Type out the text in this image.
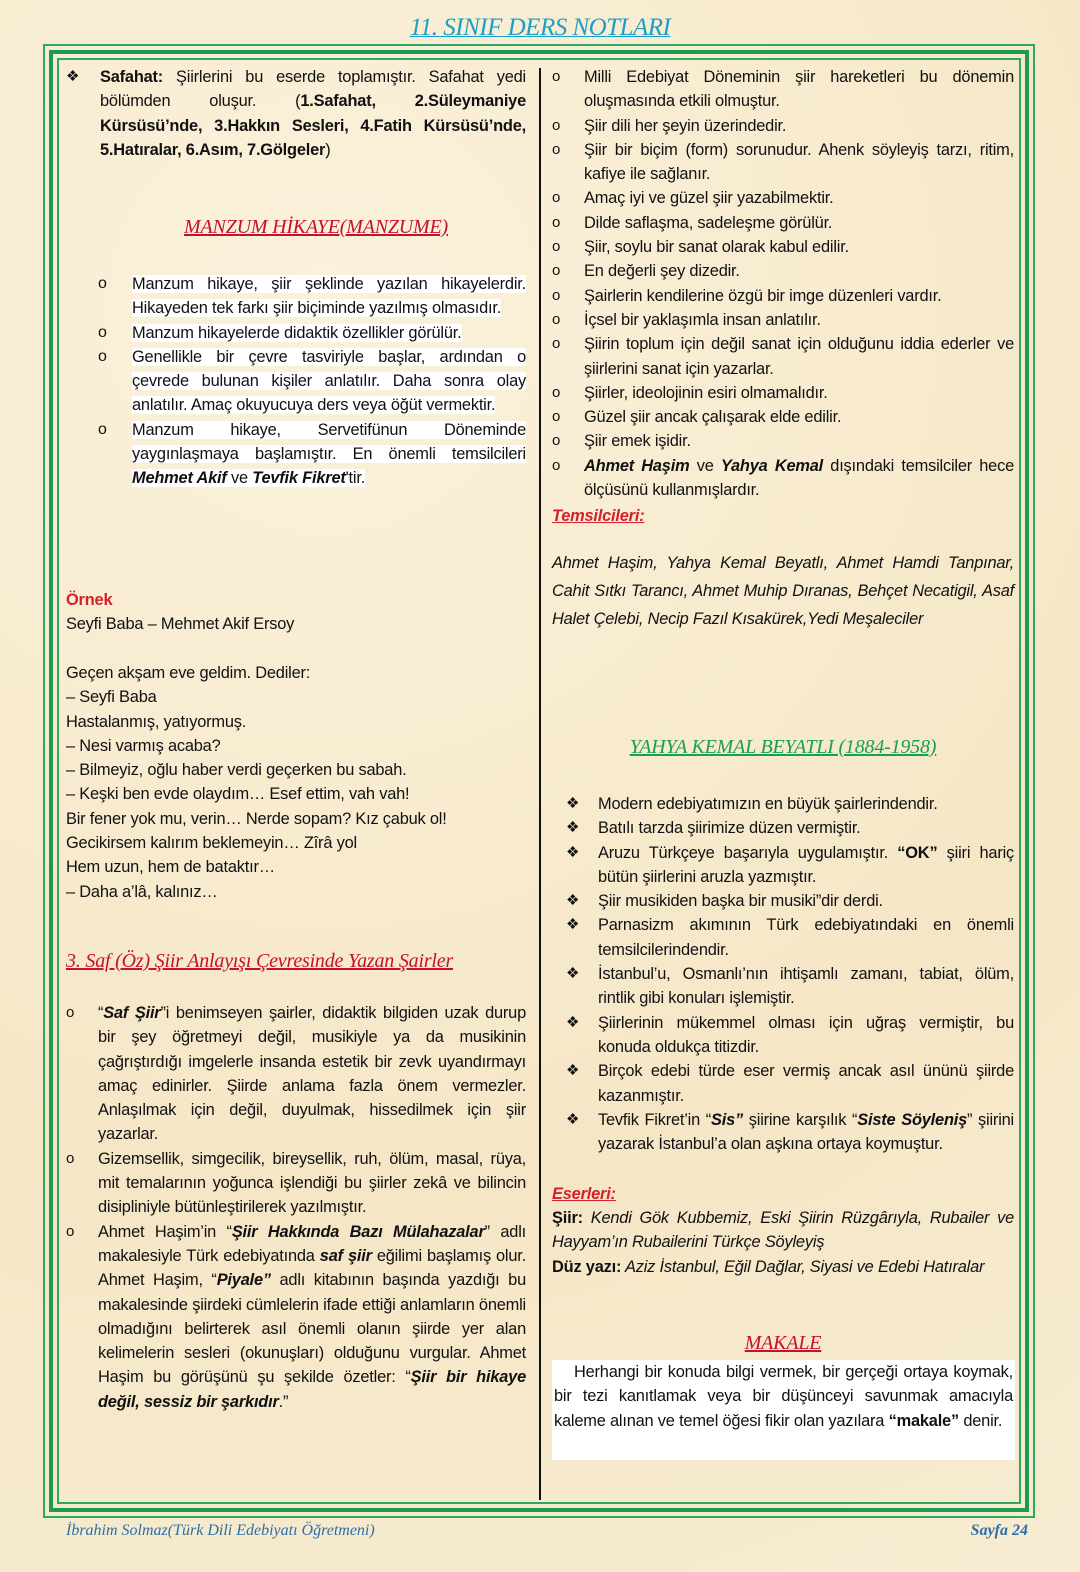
11. SINIF DERS NOTLARI
❖ Safahat: Şiirlerini bu eserde toplamıştır. Safahat yedi bölümden oluşur. (1.Safahat, 2.Süleymaniye Kürsüsü’nde, 3.Hakkın Sesleri, 4.Fatih Kürsüsü’nde, 5.Hatıralar, 6.Asım, 7.Gölgeler)
MANZUM HİKAYE(MANZUME)
o Manzum hikaye, şiir şeklinde yazılan hikayelerdir. Hikayeden tek farkı şiir biçiminde yazılmış olmasıdır.
o Manzum hikayelerde didaktik özellikler görülür.
o Genellikle bir çevre tasviriyle başlar, ardından o çevrede bulunan kişiler anlatılır. Daha sonra olay anlatılır. Amaç okuyucuya ders veya öğüt vermektir.
o Manzum hikaye, Servetifünun Döneminde yaygınlaşmaya başlamıştır. En önemli temsilcileri Mehmet Akif ve Tevfik Fikret'tir.
Örnek
Seyfi Baba – Mehmet Akif Ersoy
Geçen akşam eve geldim. Dediler:
– Seyfi Baba
Hastalanmış, yatıyormuş.
– Nesi varmış acaba?
– Bilmeyiz, oğlu haber verdi geçerken bu sabah.
– Keşki ben evde olaydım… Esef ettim, vah vah!
Bir fener yok mu, verin… Nerde sopam? Kız çabuk ol!
Gecikirsem kalırım beklemeyin… Zîrâ yol
Hem uzun, hem de bataktır…
– Daha a’lâ, kalınız…
3. Saf (Öz) Şiir Anlayışı Çevresinde Yazan Şairler
o “Saf Şiir”i benimseyen şairler, didaktik bilgiden uzak durup bir şey öğretmeyi değil, musikiyle ya da musikinin çağrıştırdığı imgelerle insanda estetik bir zevk uyandırmayı amaç edinirler. Şiirde anlama fazla önem vermezler. Anlaşılmak için değil, duyulmak, hissedilmek için şiir yazarlar.
o Gizemsellik, simgecilik, bireysellik, ruh, ölüm, masal, rüya, mit temalarının yoğunca işlendiği bu şiirler zekâ ve bilincin disipliniyle bütünleştirilerek yazılmıştır.
o Ahmet Haşim’in “Şiir Hakkında Bazı Mülahazalar” adlı makalesiyle Türk edebiyatında saf şiir eğilimi başlamış olur. Ahmet Haşim, “Piyale” adlı kitabının başında yazdığı bu makalesinde şiirdeki cümlelerin ifade ettiği anlamların önemli olmadığını belirterek asıl önemli olanın şiirde yer alan kelimelerin sesleri (okunuşları) olduğunu vurgular. Ahmet Haşim bu görüşünü şu şekilde özetler: “Şiir bir hikaye değil, sessiz bir şarkıdır.”
o Milli Edebiyat Döneminin şiir hareketleri bu dönemin oluşmasında etkili olmuştur.
o Şiir dili her şeyin üzerindedir.
o Şiir bir biçim (form) sorunudur. Ahenk söyleyiş tarzı, ritim, kafiye ile sağlanır.
o Amaç iyi ve güzel şiir yazabilmektir.
o Dilde saflaşma, sadeleşme görülür.
o Şiir, soylu bir sanat olarak kabul edilir.
o En değerli şey dizedir.
o Şairlerin kendilerine özgü bir imge düzenleri vardır.
o İçsel bir yaklaşımla insan anlatılır.
o Şiirin toplum için değil sanat için olduğunu iddia ederler ve şiirlerini sanat için yazarlar.
o Şiirler, ideolojinin esiri olmamalıdır.
o Güzel şiir ancak çalışarak elde edilir.
o Şiir emek işidir.
o Ahmet Haşim ve Yahya Kemal dışındaki temsilciler hece ölçüsünü kullanmışlardır.
Temsilcileri:
Ahmet Haşim, Yahya Kemal Beyatlı, Ahmet Hamdi Tanpınar, Cahit Sıtkı Tarancı, Ahmet Muhip Dıranas, Behçet Necatigil, Asaf Halet Çelebi, Necip Fazıl Kısakürek,Yedi Meşaleciler
YAHYA KEMAL BEYATLI (1884-1958)
❖ Modern edebiyatımızın en büyük şairlerindendir.
❖ Batılı tarzda şiirimize düzen vermiştir.
❖ Aruzu Türkçeye başarıyla uygulamıştır. “OK” şiiri hariç bütün şiirlerini aruzla yazmıştır.
❖ Şiir musikiden başka bir musiki”dir derdi.
❖ Parnasizm akımının Türk edebiyatındaki en önemli temsilcilerindendir.
❖ İstanbul’u, Osmanlı’nın ihtişamlı zamanı, tabiat, ölüm, rintlik gibi konuları işlemiştir.
❖ Şiirlerinin mükemmel olması için uğraş vermiştir, bu konuda oldukça titizdir.
❖ Birçok edebi türde eser vermiş ancak asıl ününü şiirde kazanmıştır.
❖ Tevfik Fikret’in “Sis” şiirine karşılık “Siste Söyleniş” şiirini yazarak İstanbul’a olan aşkına ortaya koymuştur.
Eserleri:
Şiir: Kendi Gök Kubbemiz, Eski Şiirin Rüzgârıyla, Rubailer ve Hayyam’ın Rubailerini Türkçe Söyleyiş
Düz yazı: Aziz İstanbul, Eğil Dağlar, Siyasi ve Edebi Hatıralar
MAKALE
Herhangi bir konuda bilgi vermek, bir gerçeği ortaya koymak, bir tezi kanıtlamak veya bir düşünceyi savunmak amacıyla kaleme alınan ve temel öğesi fikir olan yazılara “makale” denir.
İbrahim Solmaz(Türk Dili Edebiyatı Öğretmeni)	Sayfa 24
